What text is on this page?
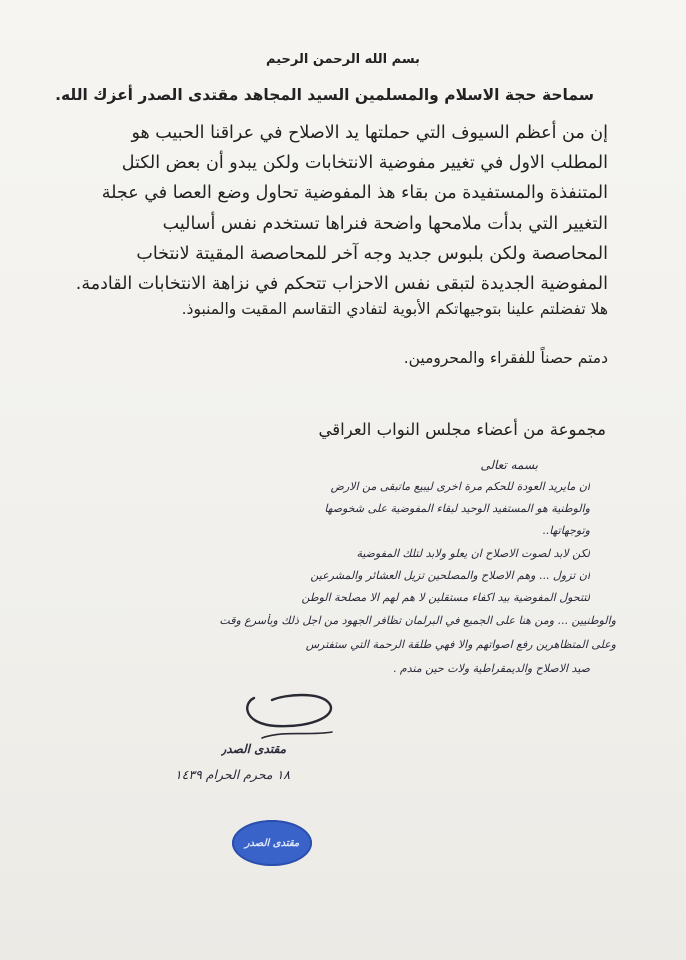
بسم الله الرحمن الرحيم
سماحة حجة الاسلام والمسلمين السيد المجاهد مقتدى الصدر أعزك الله.
إن من أعظم السيوف التي حملتها يد الاصلاح في عراقنا الحبيب هو
المطلب الاول في تغيير مفوضية الانتخابات ولكن يبدو أن بعض الكتل
المتنفذة والمستفيدة من بقاء هذ المفوضية تحاول وضع العصا في عجلة
التغيير التي بدأت ملامحها واضحة فنراها تستخدم نفس أساليب
المحاصصة ولكن بلبوس جديد وجه آخر للمحاصصة المقيتة لانتخاب
المفوضية الجديدة لتبقى نفس الاحزاب تتحكم في نزاهة الانتخابات القادمة.
هلا تفضلتم علينا بتوجيهاتكم الأبوية لتفادي التقاسم المقيت والمنبوذ.
دمتم حصناً للفقراء والمحرومين.
مجموعة من أعضاء مجلس النواب العراقي
بسمه تعالى
ان مايريد العودة للحكم مرة اخرى ليبيع ماتبقى من الارض
والوطنية هو المستفيد الوحيد لبقاء المفوضية على شخوصها
وتوجهاتها..
لكن لابد لصوت الاصلاح ان يعلو ولابد لتلك المفوضية
ان تزول ... وهم الاصلاح والمصلحين تزيل العشائر والمشرعين
لتتحول المفوضية بيد اكفاء مستقلين لا هم لهم الا مصلحة الوطن
والوطنيين ... ومن هنا على الجميع في البرلمان تظافر الجهود من اجل ذلك وبأسرع وقت
وعلى المتظاهرين رفع اصواتهم والا فهي طلقة الرحمة التي ستفترس
صيد الاصلاح والديمقراطية ولات حين مندم .
مقتدى الصدر
١٨ محرم الحرام ١٤٣٩
مقتدى الصدر
